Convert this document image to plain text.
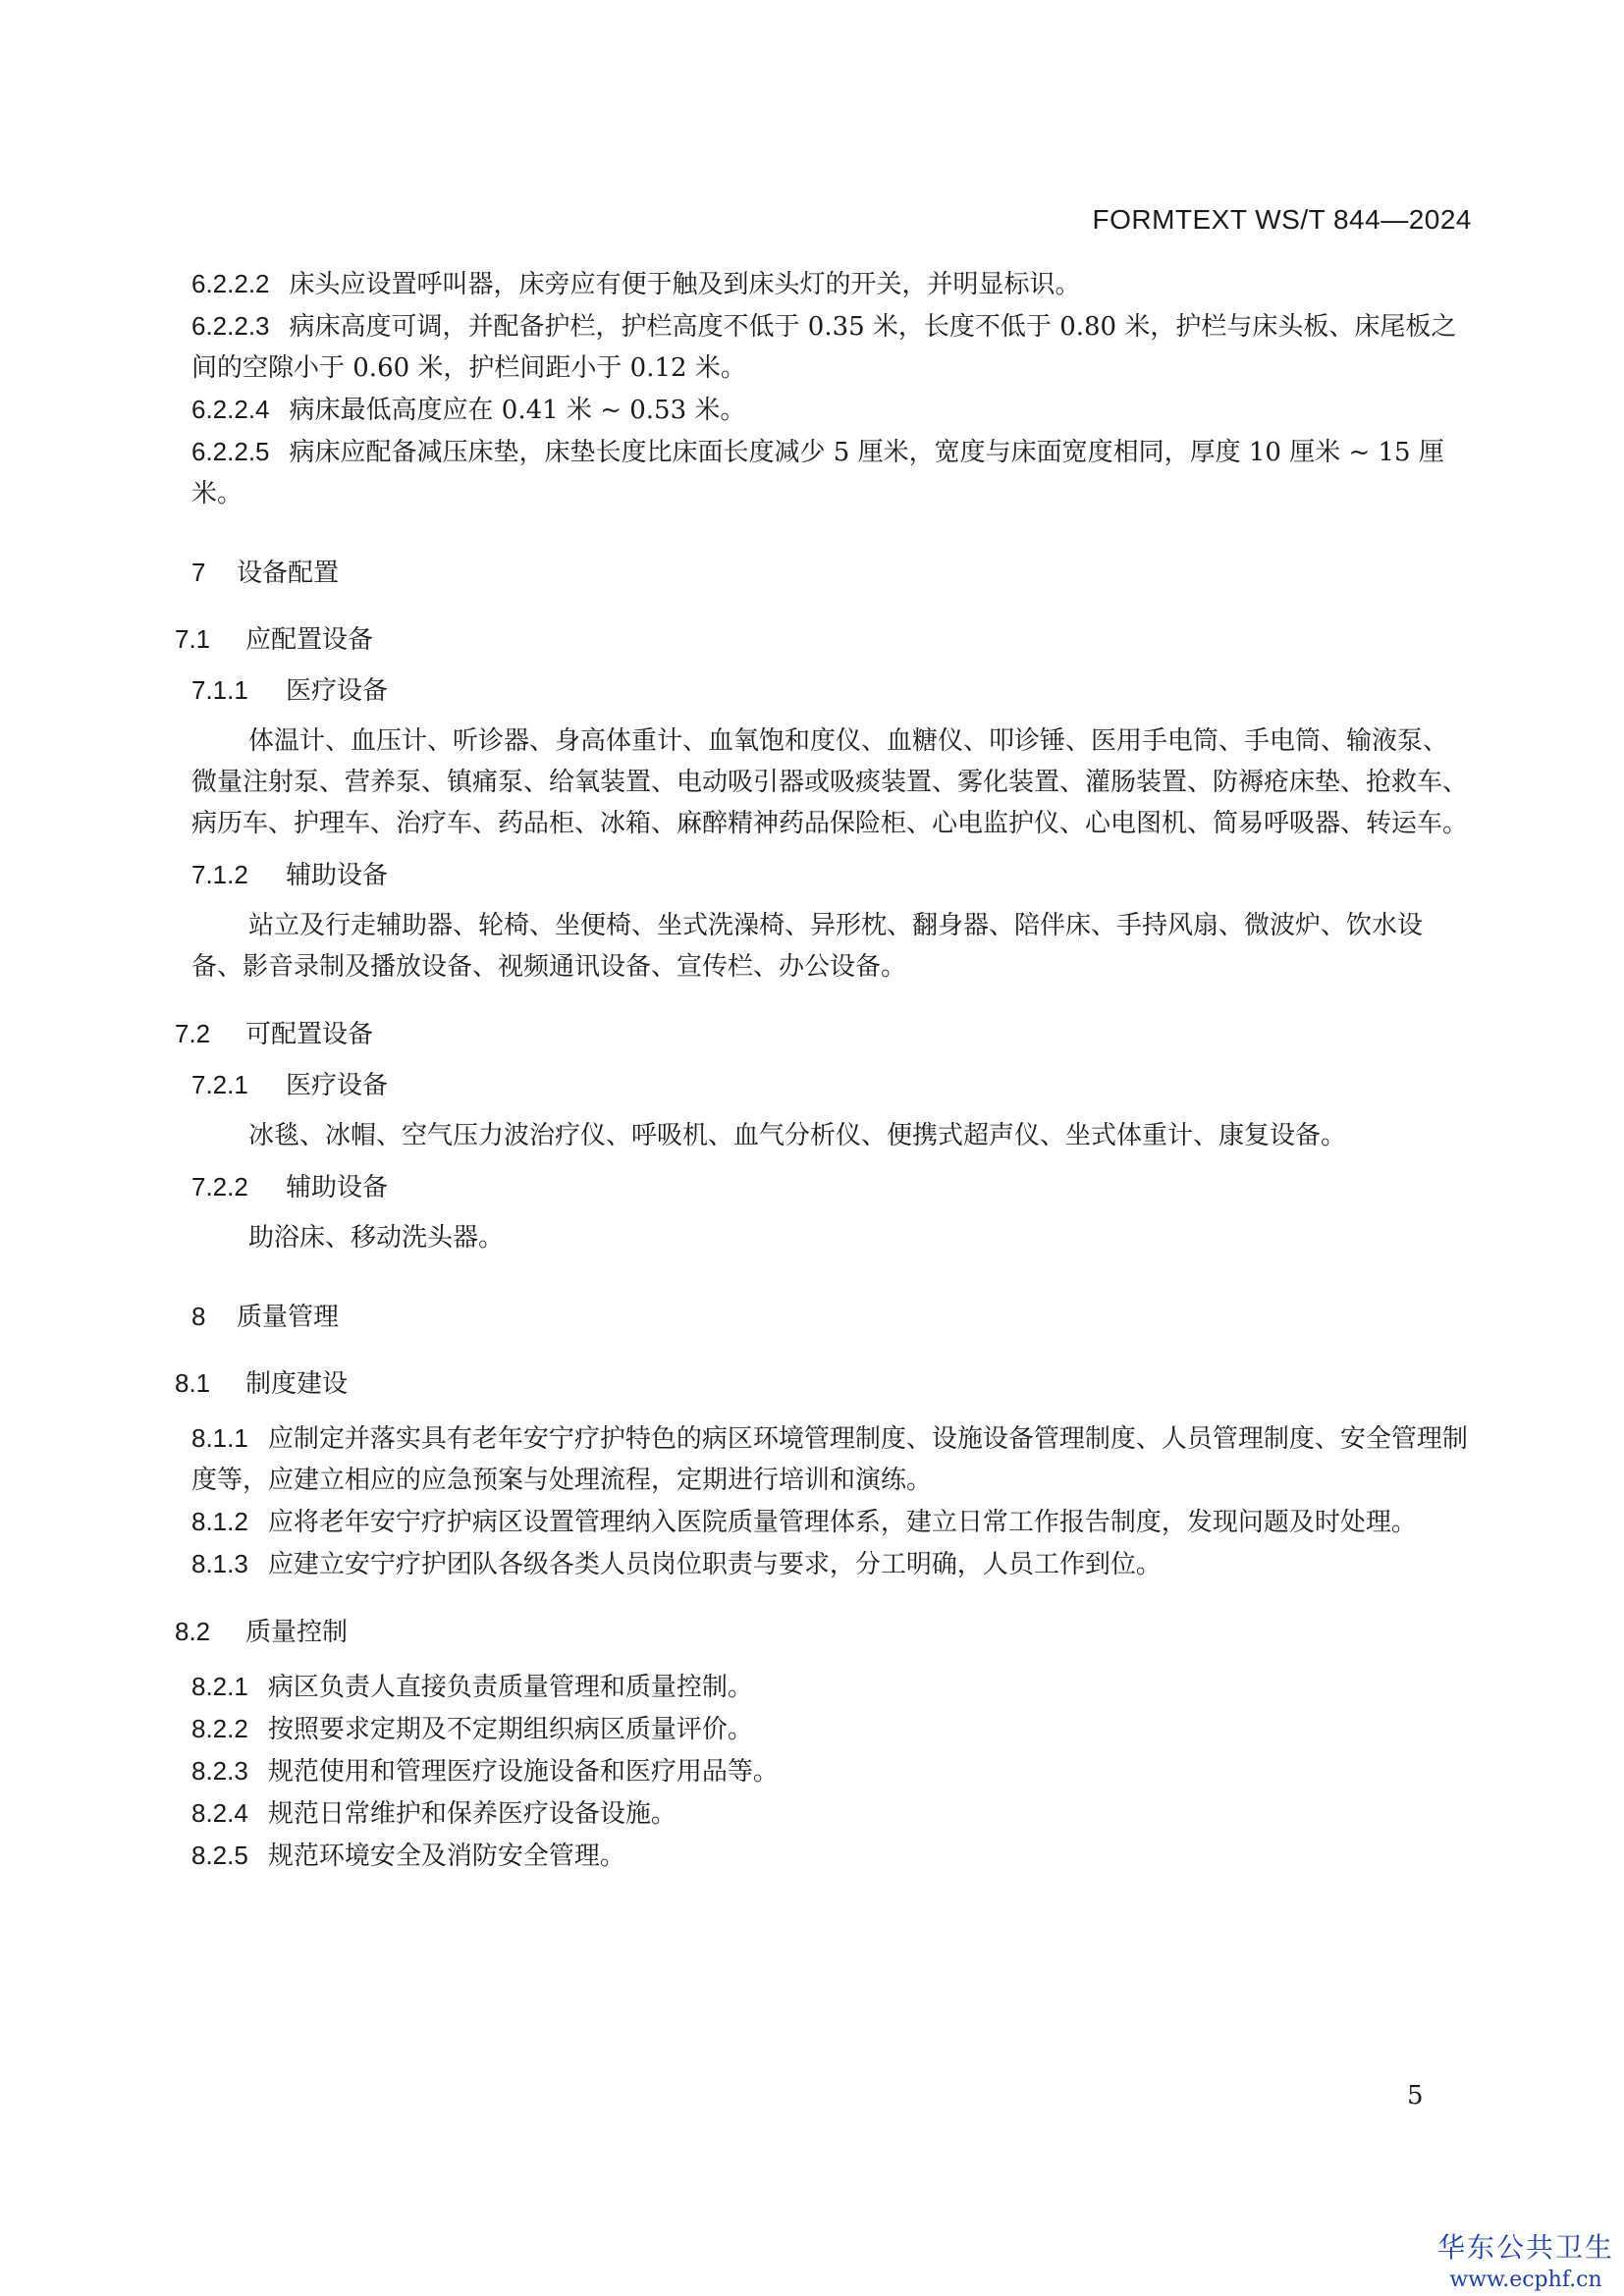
FORMTEXT WS/T 844—2024
6.2.2.2 床头应设置呼叫器，床旁应有便于触及到床头灯的开关，并明显标识。
6.2.2.3 病床高度可调，并配备护栏，护栏高度不低于 0.35 米，长度不低于 0.80 米，护栏与床头板、床尾板之间的空隙小于 0.60 米，护栏间距小于 0.12 米。
6.2.2.4 病床最低高度应在 0.41 米 ~ 0.53 米。
6.2.2.5 病床应配备减压床垫，床垫长度比床面长度减少 5 厘米，宽度与床面宽度相同，厚度 10 厘米 ~ 15 厘米。
7 设备配置
7.1 应配置设备
7.1.1 医疗设备
体温计、血压计、听诊器、身高体重计、血氧饱和度仪、血糖仪、叩诊锤、医用手电筒、手电筒、输液泵、微量注射泵、营养泵、镇痛泵、给氧装置、电动吸引器或吸痰装置、雾化装置、灌肠装置、防褥疮床垫、抢救车、病历车、护理车、治疗车、药品柜、冰箱、麻醉精神药品保险柜、心电监护仪、心电图机、简易呼吸器、转运车。
7.1.2 辅助设备
站立及行走辅助器、轮椅、坐便椅、坐式洗澡椅、异形枕、翻身器、陪伴床、手持风扇、微波炉、饮水设备、影音录制及播放设备、视频通讯设备、宣传栏、办公设备。
7.2 可配置设备
7.2.1 医疗设备
冰毯、冰帽、空气压力波治疗仪、呼吸机、血气分析仪、便携式超声仪、坐式体重计、康复设备。
7.2.2 辅助设备
助浴床、移动洗头器。
8 质量管理
8.1 制度建设
8.1.1 应制定并落实具有老年安宁疗护特色的病区环境管理制度、设施设备管理制度、人员管理制度、安全管理制度等，应建立相应的应急预案与处理流程，定期进行培训和演练。
8.1.2 应将老年安宁疗护病区设置管理纳入医院质量管理体系，建立日常工作报告制度，发现问题及时处理。
8.1.3 应建立安宁疗护团队各级各类人员岗位职责与要求，分工明确，人员工作到位。
8.2 质量控制
8.2.1 病区负责人直接负责质量管理和质量控制。
8.2.2 按照要求定期及不定期组织病区质量评价。
8.2.3 规范使用和管理医疗设施设备和医疗用品等。
8.2.4 规范日常维护和保养医疗设备设施。
8.2.5 规范环境安全及消防安全管理。
5
华东公共卫生
www.ecphf.cn
